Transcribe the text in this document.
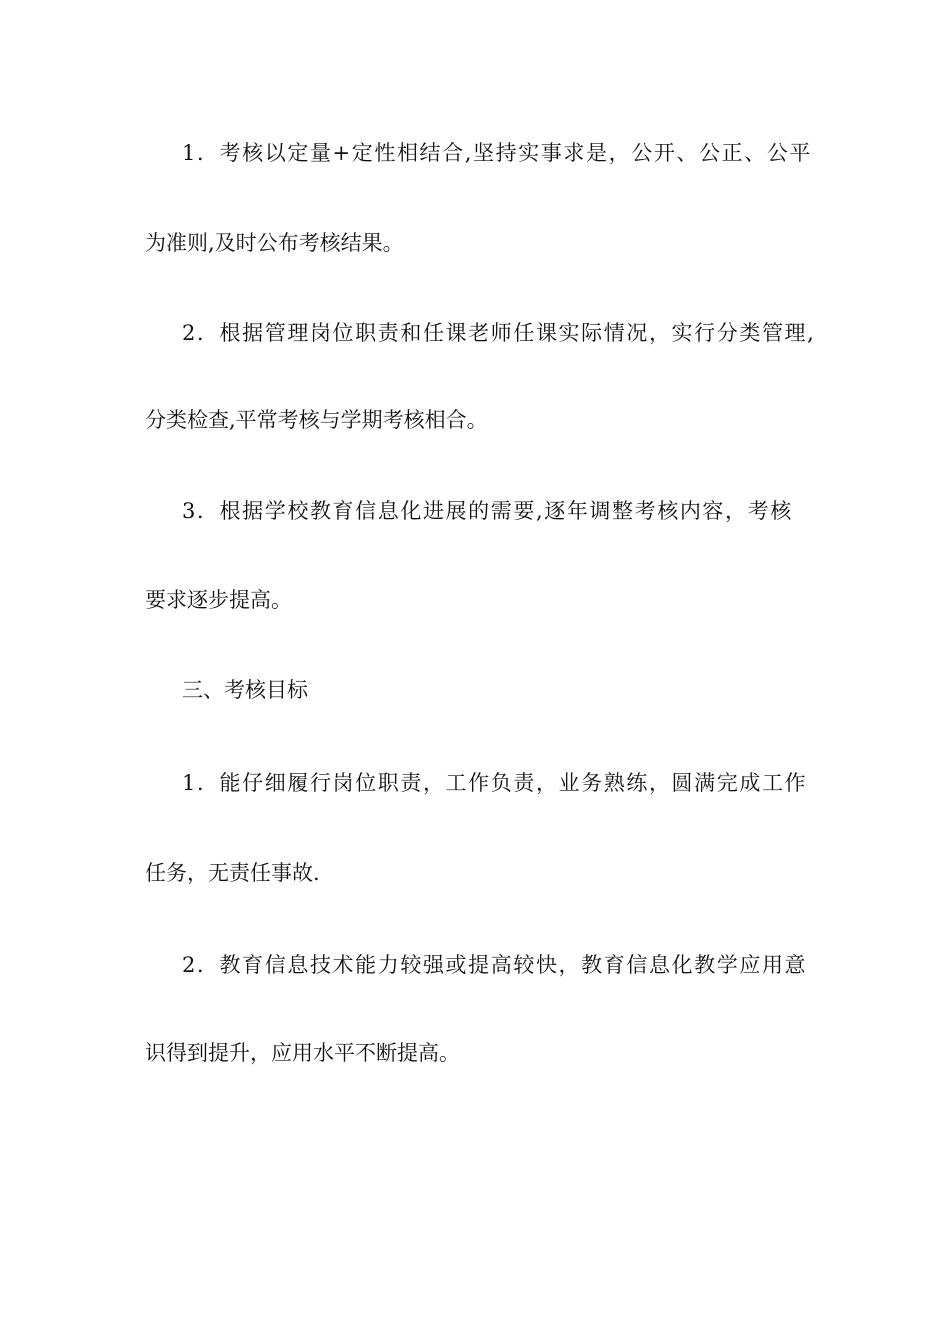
1．考核以定量+定性相结合,坚持实事求是，公开、公正、公平
为准则,及时公布考核结果。
2．根据管理岗位职责和任课老师任课实际情况，实行分类管理,
分类检查,平常考核与学期考核相合。
3．根据学校教育信息化进展的需要,逐年调整考核内容，考核
要求逐步提高。
三、考核目标
1．能仔细履行岗位职责，工作负责，业务熟练，圆满完成工作
任务，无责任事故.
2．教育信息技术能力较强或提高较快，教育信息化教学应用意
识得到提升，应用水平不断提高。
